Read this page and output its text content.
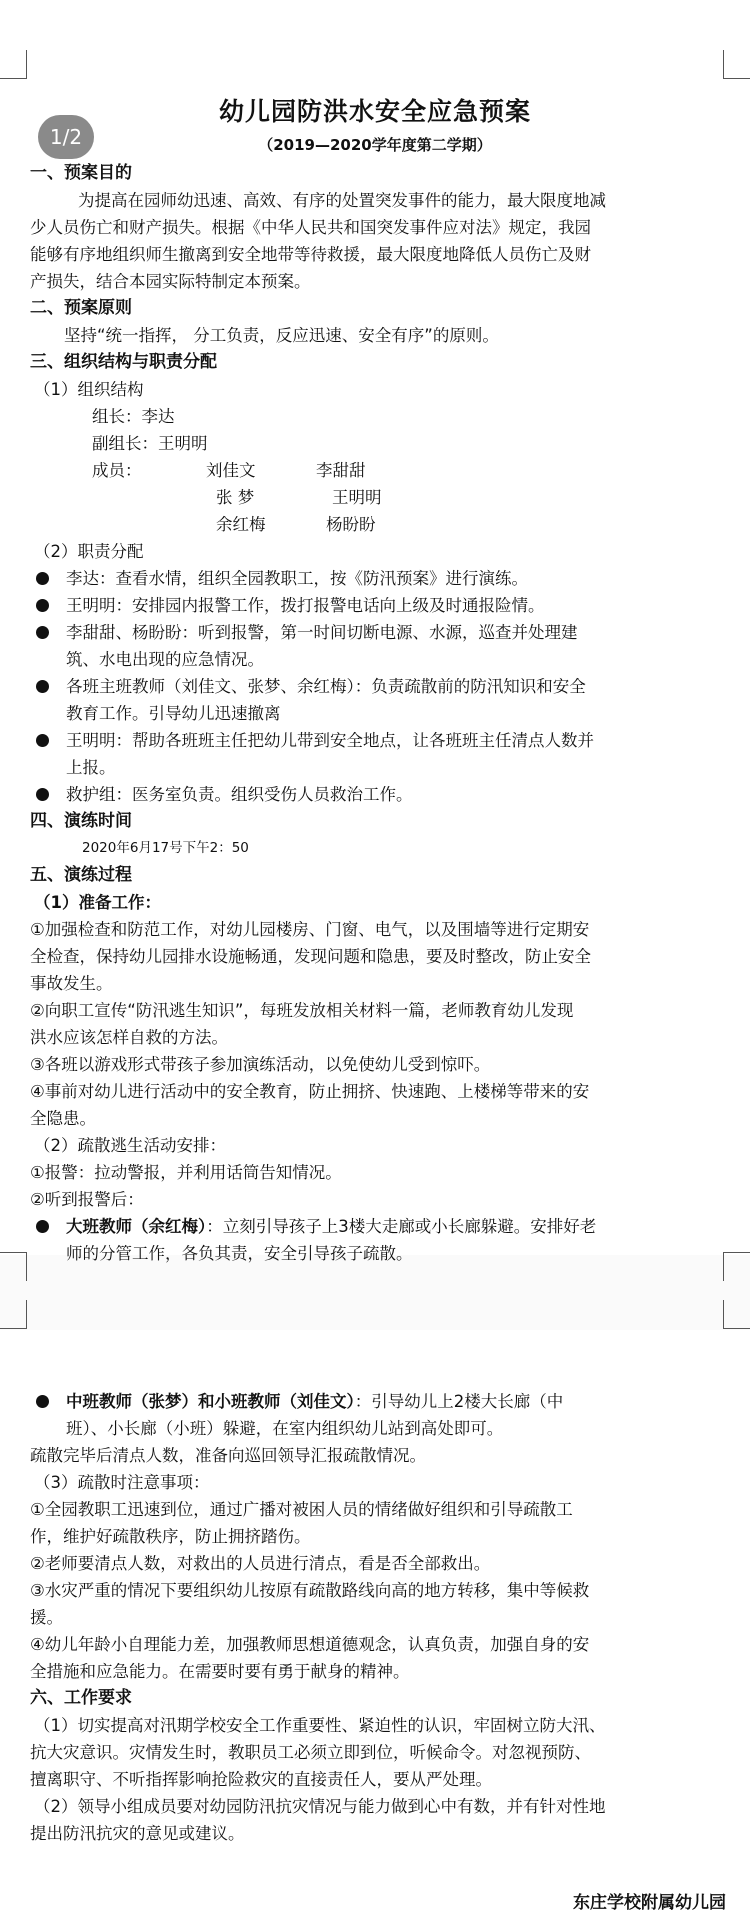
1/2
幼儿园防洪水安全应急预案
（2019—2020学年度第二学期）
一、预案目的
为提高在园师幼迅速、高效、有序的处置突发事件的能力，最大限度地减
少人员伤亡和财产损失。根据《中华人民共和国突发事件应对法》规定，我园
能够有序地组织师生撤离到安全地带等待救援，最大限度地降低人员伤亡及财
产损失，结合本园实际特制定本预案。
二、预案原则
坚持“统一指挥， 分工负责，反应迅速、安全有序”的原则。
三、组织结构与职责分配
（1）组织结构
组长：李达
副组长：王明明
成员：	刘佳文	李甜甜
张 梦	王明明
余红梅	杨盼盼
（2）职责分配
李达：查看水情，组织全园教职工，按《防汛预案》进行演练。
王明明：安排园内报警工作，拨打报警电话向上级及时通报险情。
李甜甜、杨盼盼：听到报警，第一时间切断电源、水源，巡查并处理建
筑、水电出现的应急情况。
各班主班教师（刘佳文、张梦、余红梅）：负责疏散前的防汛知识和安全
教育工作。引导幼儿迅速撤离
王明明：帮助各班班主任把幼儿带到安全地点，让各班班主任清点人数并
上报。
救护组：医务室负责。组织受伤人员救治工作。
四、演练时间
2020年6月17号下午2：50
五、演练过程
（1）准备工作：
①加强检查和防范工作，对幼儿园楼房、门窗、电气，以及围墙等进行定期安
全检查，保持幼儿园排水设施畅通，发现问题和隐患，要及时整改，防止安全
事故发生。
②向职工宣传“防汛逃生知识”，每班发放相关材料一篇，老师教育幼儿发现
洪水应该怎样自救的方法。
③各班以游戏形式带孩子参加演练活动，以免使幼儿受到惊吓。
④事前对幼儿进行活动中的安全教育，防止拥挤、快速跑、上楼梯等带来的安
全隐患。
（2）疏散逃生活动安排：
①报警：拉动警报，并利用话筒告知情况。
②听到报警后：
大班教师（余红梅）：立刻引导孩子上3楼大走廊或小长廊躲避。安排好老
师的分管工作，各负其责，安全引导孩子疏散。
中班教师（张梦）和小班教师（刘佳文）：引导幼儿上2楼大长廊（中
班）、小长廊（小班）躲避，在室内组织幼儿站到高处即可。
疏散完毕后清点人数，准备向巡回领导汇报疏散情况。
（3）疏散时注意事项：
①全园教职工迅速到位，通过广播对被困人员的情绪做好组织和引导疏散工
作，维护好疏散秩序，防止拥挤踏伤。
②老师要清点人数，对救出的人员进行清点，看是否全部救出。
③水灾严重的情况下要组织幼儿按原有疏散路线向高的地方转移，集中等候救
援。
④幼儿年龄小自理能力差，加强教师思想道德观念，认真负责，加强自身的安
全措施和应急能力。在需要时要有勇于献身的精神。
六、工作要求
（1）切实提高对汛期学校安全工作重要性、紧迫性的认识，牢固树立防大汛、
抗大灾意识。灾情发生时，教职员工必须立即到位，听候命令。对忽视预防、
擅离职守、不听指挥影响抢险救灾的直接责任人，要从严处理。
（2）领导小组成员要对幼园防汛抗灾情况与能力做到心中有数，并有针对性地
提出防汛抗灾的意见或建议。
东庄学校附属幼儿园
